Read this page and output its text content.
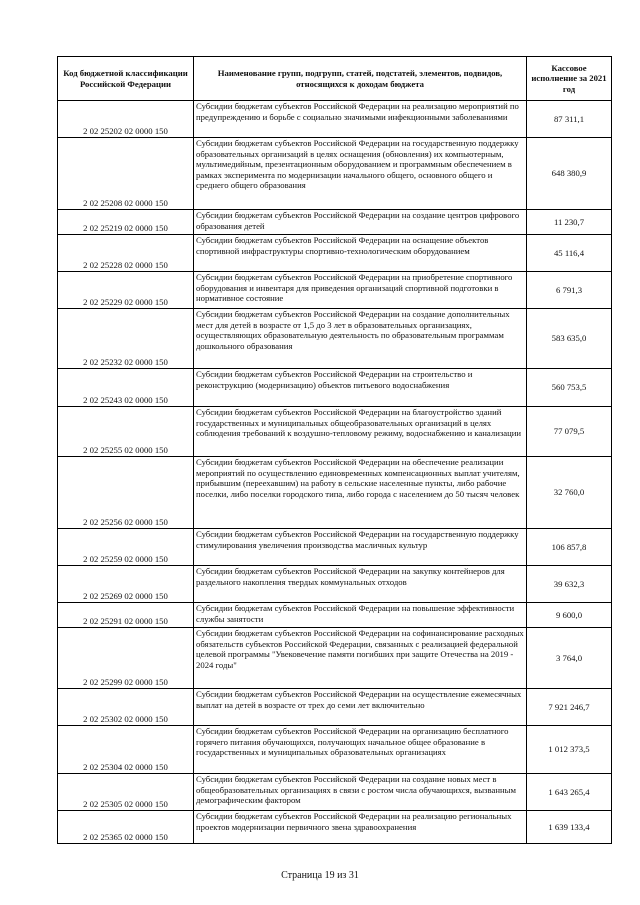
Код бюджетной классификации Российской Федерации	Наименование групп, подгрупп, статей, подстатей, элементов, подвидов, относящихся к доходам бюджета	Кассовое исполнение за 2021 год
2 02 25202 02 0000 150	Субсидии бюджетам субъектов Российской Федерации на реализацию мероприятий по предупреждению и борьбе с социально значимыми инфекционными заболеваниями	87 311,1
2 02 25208 02 0000 150	Субсидии бюджетам субъектов Российской Федерации на государственную поддержку образовательных организаций в целях оснащения (обновления) их компьютерным, мультимедийным, презентационным оборудованием и программным обеспечением в рамках эксперимента по модернизации начального общего, основного общего и среднего общего образования	648 380,9
2 02 25219 02 0000 150	Субсидии бюджетам субъектов Российской Федерации на создание центров цифрового образования детей	11 230,7
2 02 25228 02 0000 150	Субсидии бюджетам субъектов Российской Федерации на оснащение объектов спортивной инфраструктуры спортивно-технологическим оборудованием	45 116,4
2 02 25229 02 0000 150	Субсидии бюджетам субъектов Российской Федерации на приобретение спортивного оборудования и инвентаря для приведения организаций спортивной подготовки в нормативное состояние	6 791,3
2 02 25232 02 0000 150	Субсидии бюджетам субъектов Российской Федерации на создание дополнительных мест для детей в возрасте от 1,5 до 3 лет в образовательных организациях, осуществляющих образовательную деятельность по образовательным программам дошкольного образования	583 635,0
2 02 25243 02 0000 150	Субсидии бюджетам субъектов Российской Федерации на строительство и реконструкцию (модернизацию) объектов питьевого водоснабжения	560 753,5
2 02 25255 02 0000 150	Субсидии бюджетам субъектов Российской Федерации на благоустройство зданий государственных и муниципальных общеобразовательных организаций в целях соблюдения требований к воздушно-тепловому режиму, водоснабжению и канализации	77 079,5
2 02 25256 02 0000 150	Субсидии бюджетам субъектов Российской Федерации на обеспечение реализации мероприятий по осуществлению единовременных компенсационных выплат учителям, прибывшим (переехавшим) на работу в сельские населенные пункты, либо рабочие поселки, либо поселки городского типа, либо города с населением до 50 тысяч человек	32 760,0
2 02 25259 02 0000 150	Субсидии бюджетам субъектов Российской Федерации на государственную поддержку стимулирования увеличения производства масличных культур	106 857,8
2 02 25269 02 0000 150	Субсидии бюджетам субъектов Российской Федерации на закупку контейнеров для раздельного накопления твердых коммунальных отходов	39 632,3
2 02 25291 02 0000 150	Субсидии бюджетам субъектов Российской Федерации на повышение эффективности службы занятости	9 600,0
2 02 25299 02 0000 150	Субсидии бюджетам субъектов Российской Федерации на софинансирование расходных обязательств субъектов Российской Федерации, связанных с реализацией федеральной целевой программы "Увековечение памяти погибших при защите Отечества на 2019 - 2024 годы"	3 764,0
2 02 25302 02 0000 150	Субсидии бюджетам субъектов Российской Федерации на осуществление ежемесячных выплат на детей в возрасте от трех до семи лет включительно	7 921 246,7
2 02 25304 02 0000 150	Субсидии бюджетам субъектов Российской Федерации на организацию бесплатного горячего питания обучающихся, получающих начальное общее образование в государственных и муниципальных образовательных организациях	1 012 373,5
2 02 25305 02 0000 150	Субсидии бюджетам субъектов Российской Федерации на создание новых мест в общеобразовательных организациях в связи с ростом числа обучающихся, вызванным демографическим фактором	1 643 265,4
2 02 25365 02 0000 150	Субсидии бюджетам субъектов Российской Федерации на реализацию региональных проектов модернизации первичного звена здравоохранения	1 639 133,4
Страница 19 из 31
